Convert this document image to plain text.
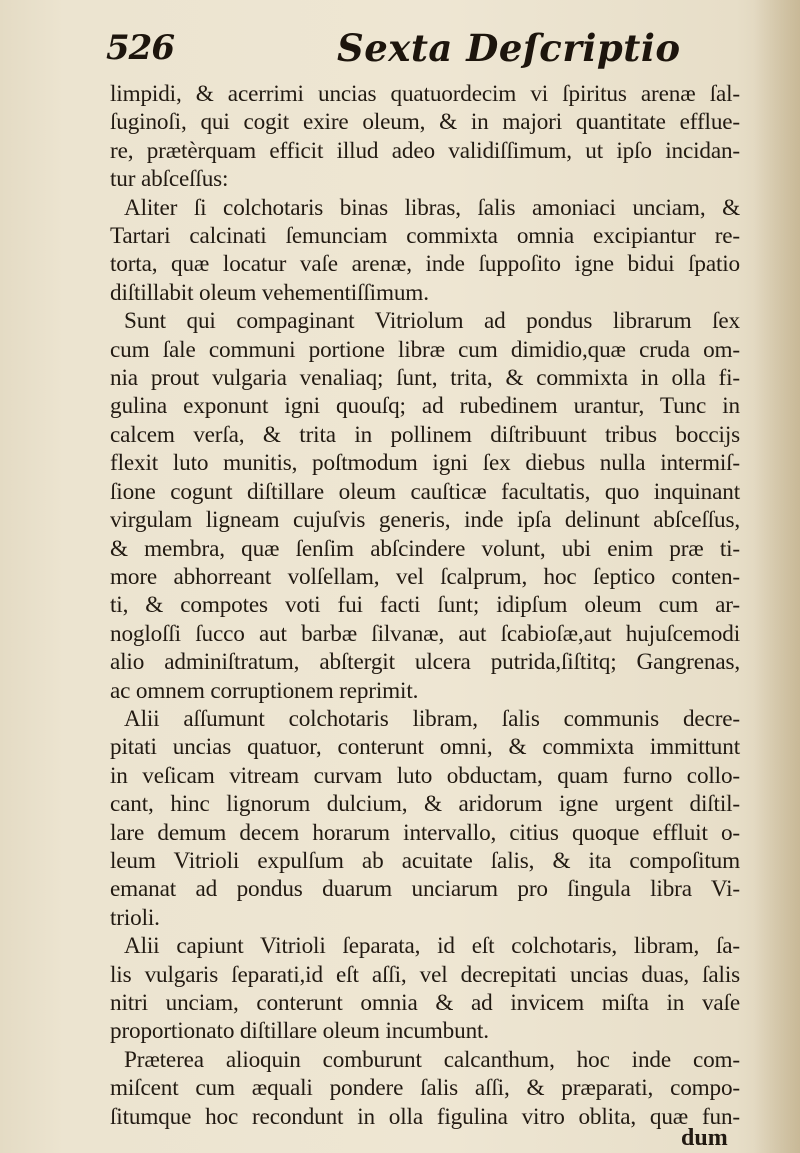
526	Sexta Deſcriptio

limpidi, & acerrimi uncias quatuordecim vi ſpiritus arenæ ſal-
ſuginoſi, qui cogit exire oleum, & in majori quantitate efflue-
re, prætèrquam efficit illud adeo validiſſimum, ut ipſo incidan-
tur abſceſſus:

Aliter ſi colchotaris binas libras, ſalis amoniaci unciam, &
Tartari calcinati ſemunciam commixta omnia excipiantur re-
torta, quæ locatur vaſe arenæ, inde ſuppoſito igne bidui ſpatio
diſtillabit oleum vehementiſſimum.

Sunt qui compaginant Vitriolum ad pondus librarum ſex
cum ſale communi portione libræ cum dimidio,quæ cruda om-
nia prout vulgaria venaliaq; ſunt, trita, & commixta in olla fi-
gulina exponunt igni quouſq; ad rubedinem urantur, Tunc in
calcem verſa, & trita in pollinem diſtribuunt tribus boccijs
flexit luto munitis, poſtmodum igni ſex diebus nulla intermiſ-
ſione cogunt diſtillare oleum cauſticæ facultatis, quo inquinant
virgulam ligneam cujuſvis generis, inde ipſa delinunt abſceſſus,
& membra, quæ ſenſim abſcindere volunt, ubi enim præ ti-
more abhorreant volſellam, vel ſcalprum, hoc ſeptico conten-
ti, & compotes voti fui facti ſunt; idipſum oleum cum ar-
nogloſſi ſucco aut barbæ ſilvanæ, aut ſcabioſæ,aut hujuſcemodi
alio adminiſtratum, abſtergit ulcera putrida,ſiſtitq; Gangrenas,
ac omnem corruptionem reprimit.

Alii aſſumunt colchotaris libram, ſalis communis decre-
pitati uncias quatuor, conterunt omni, & commixta immittunt
in veſicam vitream curvam luto obductam, quam furno collo-
cant, hinc lignorum dulcium, & aridorum igne urgent diſtil-
lare demum decem horarum intervallo, citius quoque effluit o-
leum Vitrioli expulſum ab acuitate ſalis, & ita compoſitum
emanat ad pondus duarum unciarum pro ſingula libra Vi-
trioli.

Alii capiunt Vitrioli ſeparata, id eſt colchotaris, libram, ſa-
lis vulgaris ſeparati,id eſt aſſi, vel decrepitati uncias duas, ſalis
nitri unciam, conterunt omnia & ad invicem miſta in vaſe
proportionato diſtillare oleum incumbunt.

Præterea alioquin comburunt calcanthum, hoc inde com-
miſcent cum æquali pondere ſalis aſſi, & præparati, compo-
ſitumque hoc recondunt in olla figulina vitro oblita, quæ fun-

dum
